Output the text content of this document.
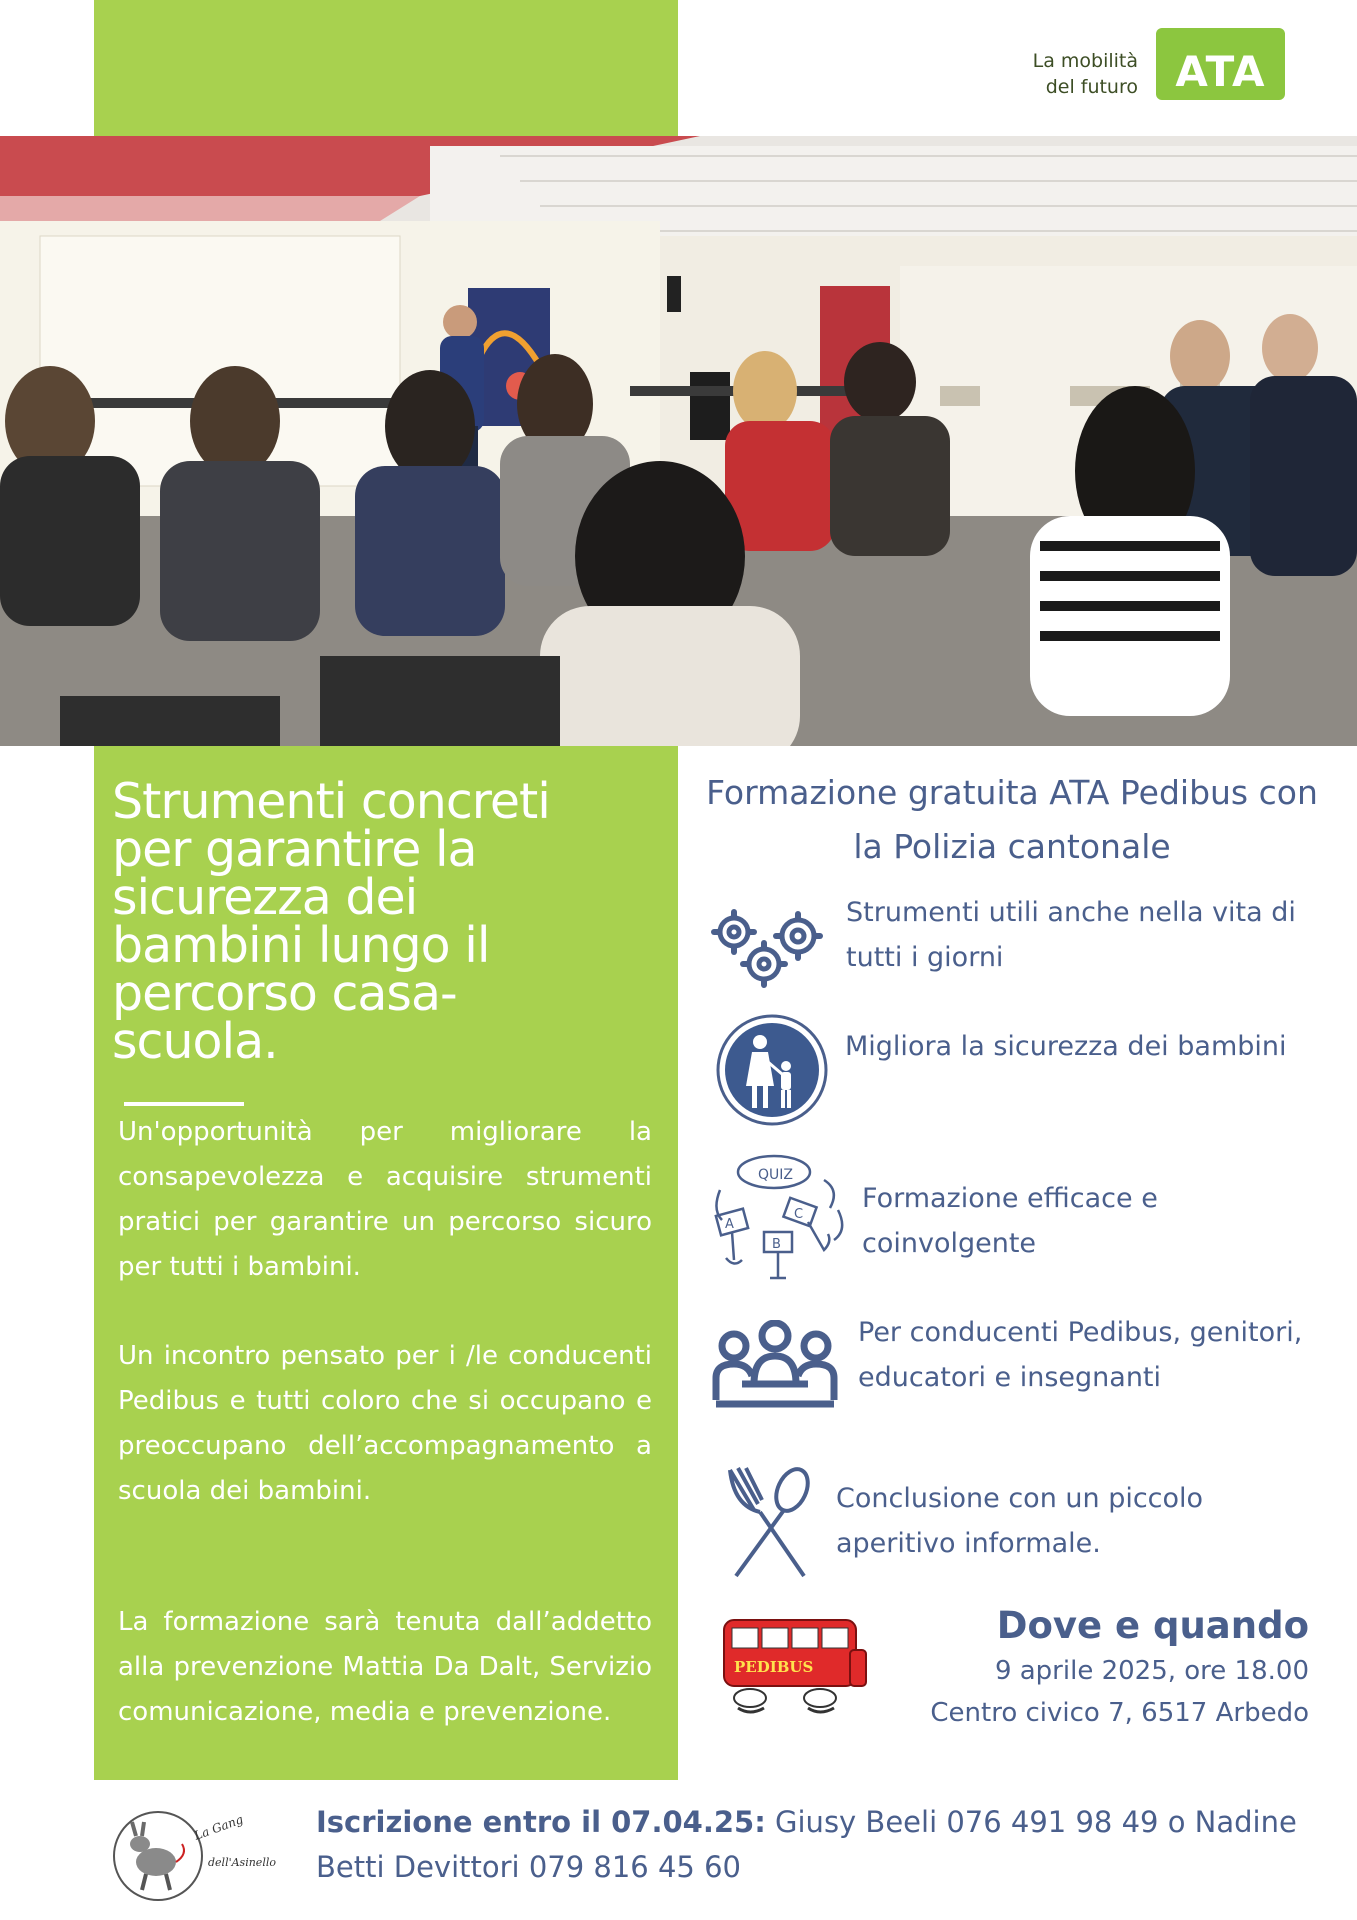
La mobilità del futuro ATA
Strumenti concreti per garantire la sicurezza dei bambini lungo il percorso casa-scuola.

Un'opportunità per migliorare la consapevolezza e acquisire strumenti pratici per garantire un percorso sicuro per tutti i bambini.

Un incontro pensato per i /le conducenti Pedibus e tutti coloro che si occupano e preoccupano dell’accompagnamento a scuola dei bambini.

La formazione sarà tenuta dall’addetto alla prevenzione Mattia Da Dalt, Servizio comunicazione, media e prevenzione.

Formazione gratuita ATA Pedibus con la Polizia cantonale

Strumenti utili anche nella vita di tutti i giorni

Migliora la sicurezza dei bambini

QUIZ
A
B
C

Formazione efficace e coinvolgente

Per conducenti Pedibus, genitori, educatori e insegnanti

Conclusione con un piccolo aperitivo informale.

PEDIBUS
Dove e quando

9 aprile 2025, ore 18.00

Centro civico 7, 6517 Arbedo

La Gang
dell'Asinello

Iscrizione entro il 07.04.25: Giusy Beeli 076 491 98 49 o Nadine Betti Devittori 079 816 45 60
